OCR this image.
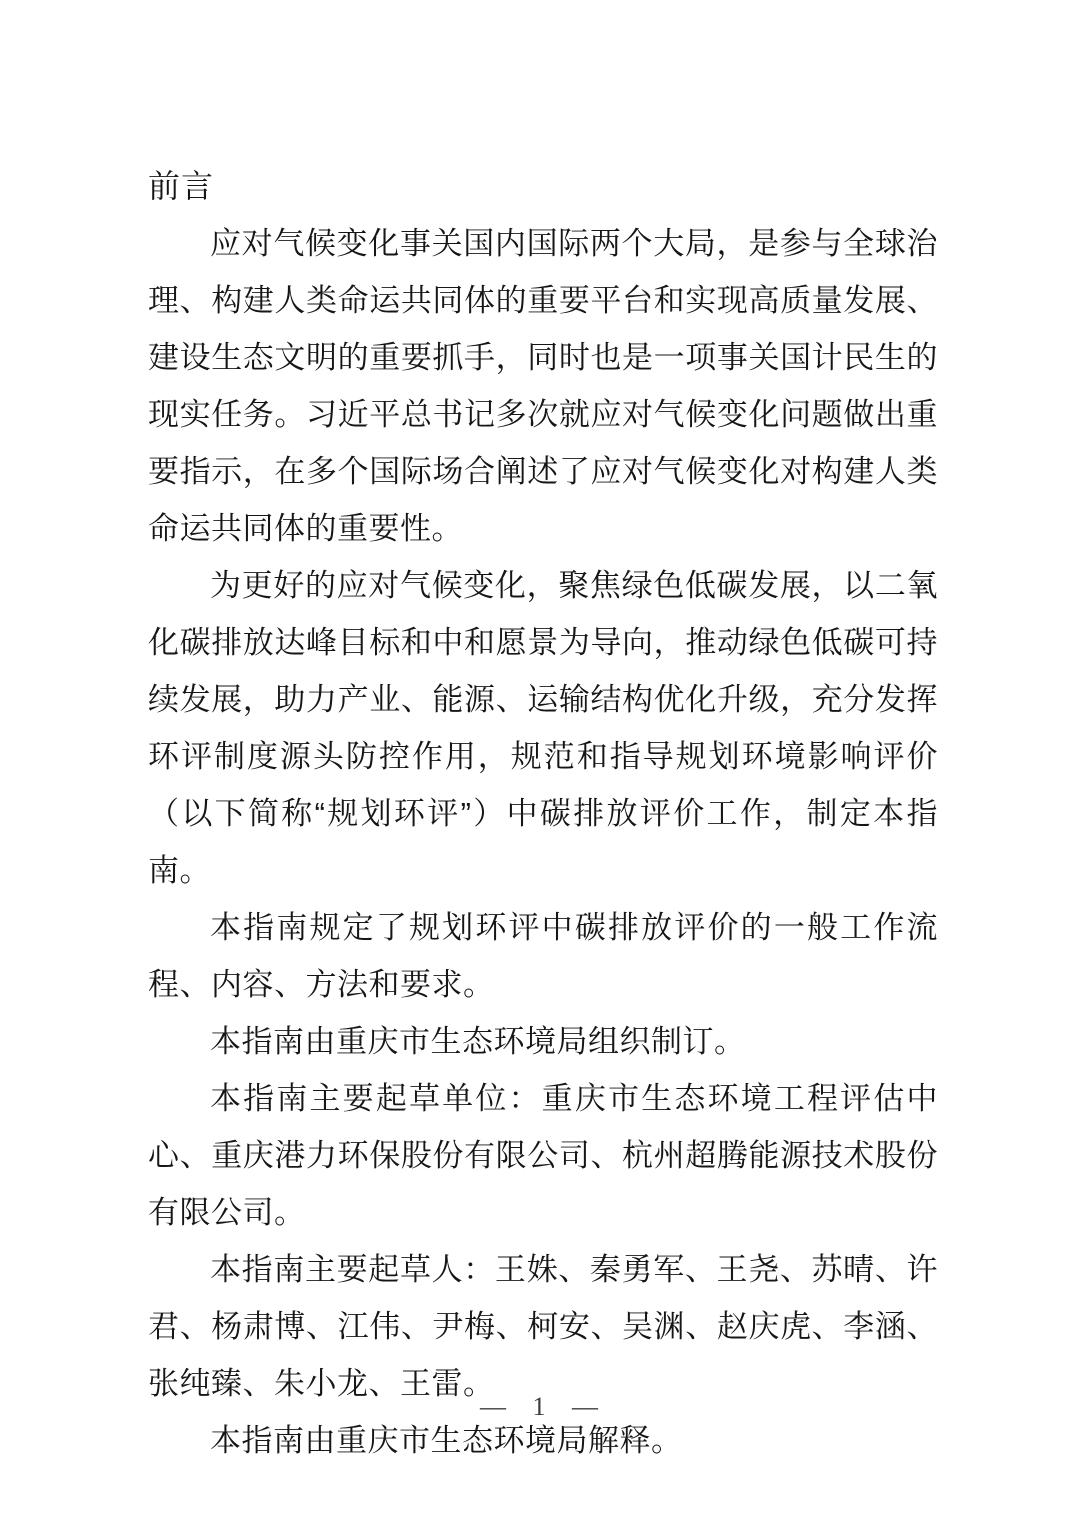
前言

应对气候变化事关国内国际两个大局，是参与全球治理、构建人类命运共同体的重要平台和实现高质量发展、建设生态文明的重要抓手，同时也是一项事关国计民生的现实任务。习近平总书记多次就应对气候变化问题做出重要指示，在多个国际场合阐述了应对气候变化对构建人类命运共同体的重要性。

为更好的应对气候变化，聚焦绿色低碳发展，以二氧化碳排放达峰目标和中和愿景为导向，推动绿色低碳可持续发展，助力产业、能源、运输结构优化升级，充分发挥环评制度源头防控作用，规范和指导规划环境影响评价（以下简称“规划环评”）中碳排放评价工作，制定本指南。

本指南规定了规划环评中碳排放评价的一般工作流程、内容、方法和要求。

本指南由重庆市生态环境局组织制订。

本指南主要起草单位：重庆市生态环境工程评估中心、重庆港力环保股份有限公司、杭州超腾能源技术股份有限公司。

本指南主要起草人：王姝、秦勇军、王尧、苏晴、许君、杨肃博、江伟、尹梅、柯安、吴渊、赵庆虎、李涵、张纯臻、朱小龙、王雷。

本指南由重庆市生态环境局解释。

— 1 —
